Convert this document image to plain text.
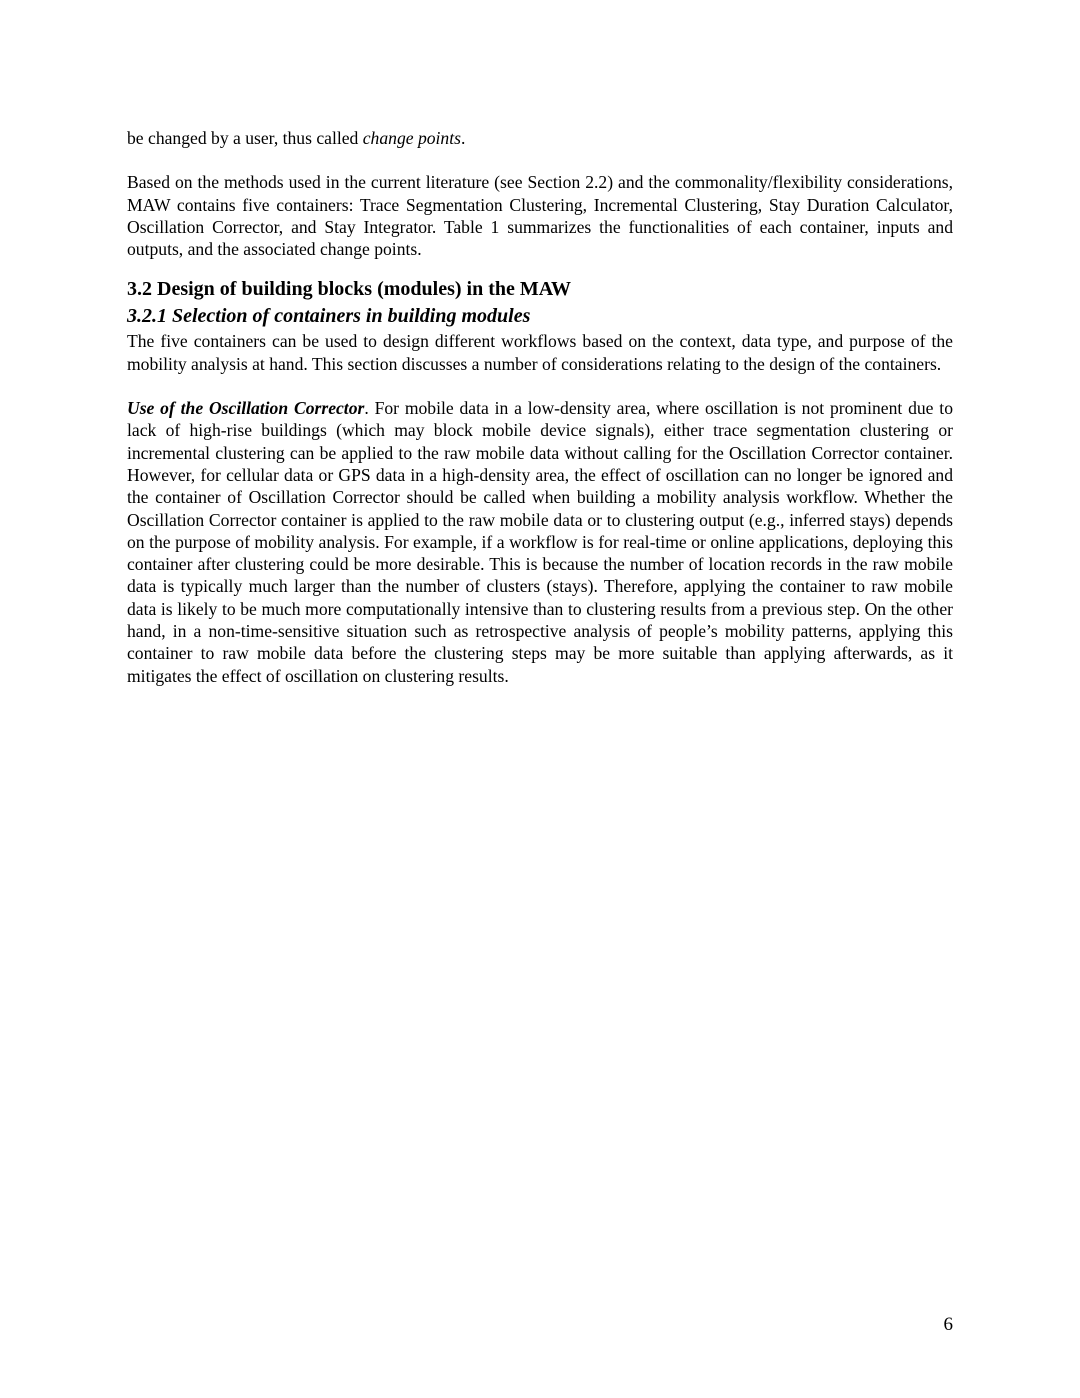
be changed by a user, thus called change points.

Based on the methods used in the current literature (see Section 2.2) and the commonality/flexibility considerations, MAW contains five containers: Trace Segmentation Clustering, Incremental Clustering, Stay Duration Calculator, Oscillation Corrector, and Stay Integrator. Table 1 summarizes the functionalities of each container, inputs and outputs, and the associated change points.

3.2 Design of building blocks (modules) in the MAW
3.2.1 Selection of containers in building modules

The five containers can be used to design different workflows based on the context, data type, and purpose of the mobility analysis at hand. This section discusses a number of considerations relating to the design of the containers.

Use of the Oscillation Corrector. For mobile data in a low-density area, where oscillation is not prominent due to lack of high-rise buildings (which may block mobile device signals), either trace segmentation clustering or incremental clustering can be applied to the raw mobile data without calling for the Oscillation Corrector container. However, for cellular data or GPS data in a high-density area, the effect of oscillation can no longer be ignored and the container of Oscillation Corrector should be called when building a mobility analysis workflow. Whether the Oscillation Corrector container is applied to the raw mobile data or to clustering output (e.g., inferred stays) depends on the purpose of mobility analysis. For example, if a workflow is for real-time or online applications, deploying this container after clustering could be more desirable. This is because the number of location records in the raw mobile data is typically much larger than the number of clusters (stays). Therefore, applying the container to raw mobile data is likely to be much more computationally intensive than to clustering results from a previous step. On the other hand, in a non-time-sensitive situation such as retrospective analysis of people’s mobility patterns, applying this container to raw mobile data before the clustering steps may be more suitable than applying afterwards, as it mitigates the effect of oscillation on clustering results.

6
